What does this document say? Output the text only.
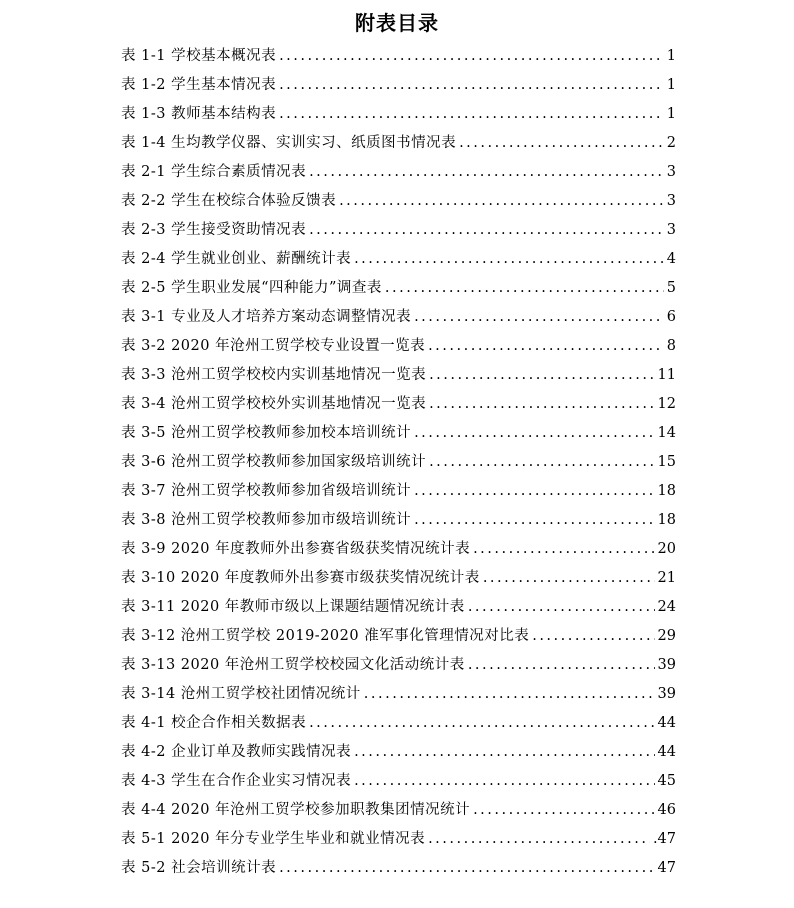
附表目录
表 1-1 学校基本概况表 .....	1
表 1-2 学生基本情况表 .....	1
表 1-3 教师基本结构表 .....	1
表 1-4 生均教学仪器、实训实习、纸质图书情况表 .....	2
表 2-1 学生综合素质情况表 .....	3
表 2-2 学生在校综合体验反馈表 .....	3
表 2-3 学生接受资助情况表 .....	3
表 2-4 学生就业创业、薪酬统计表 .....	4
表 2-5 学生职业发展“四种能力”调查表 .....	5
表 3-1 专业及人才培养方案动态调整情况表 .....	6
表 3-2 2020 年沧州工贸学校专业设置一览表 .....	8
表 3-3 沧州工贸学校校内实训基地情况一览表 .....	11
表 3-4 沧州工贸学校校外实训基地情况一览表 .....	12
表 3-5 沧州工贸学校教师参加校本培训统计 .....	14
表 3-6 沧州工贸学校教师参加国家级培训统计 .....	15
表 3-7 沧州工贸学校教师参加省级培训统计 .....	18
表 3-8 沧州工贸学校教师参加市级培训统计 .....	18
表 3-9 2020 年度教师外出参赛省级获奖情况统计表 .....	20
表 3-10 2020 年度教师外出参赛市级获奖情况统计表 .....	21
表 3-11 2020 年教师市级以上课题结题情况统计表 .....	24
表 3-12 沧州工贸学校 2019-2020 准军事化管理情况对比表 .....	29
表 3-13 2020 年沧州工贸学校校园文化活动统计表 .....	39
表 3-14 沧州工贸学校社团情况统计 .....	39
表 4-1 校企合作相关数据表 .....	44
表 4-2 企业订单及教师实践情况表 .....	44
表 4-3 学生在合作企业实习情况表 .....	45
表 4-4 2020 年沧州工贸学校参加职教集团情况统计 .....	46
表 5-1 2020 年分专业学生毕业和就业情况表 .....	.47
表 5-2 社会培训统计表 .....	47
